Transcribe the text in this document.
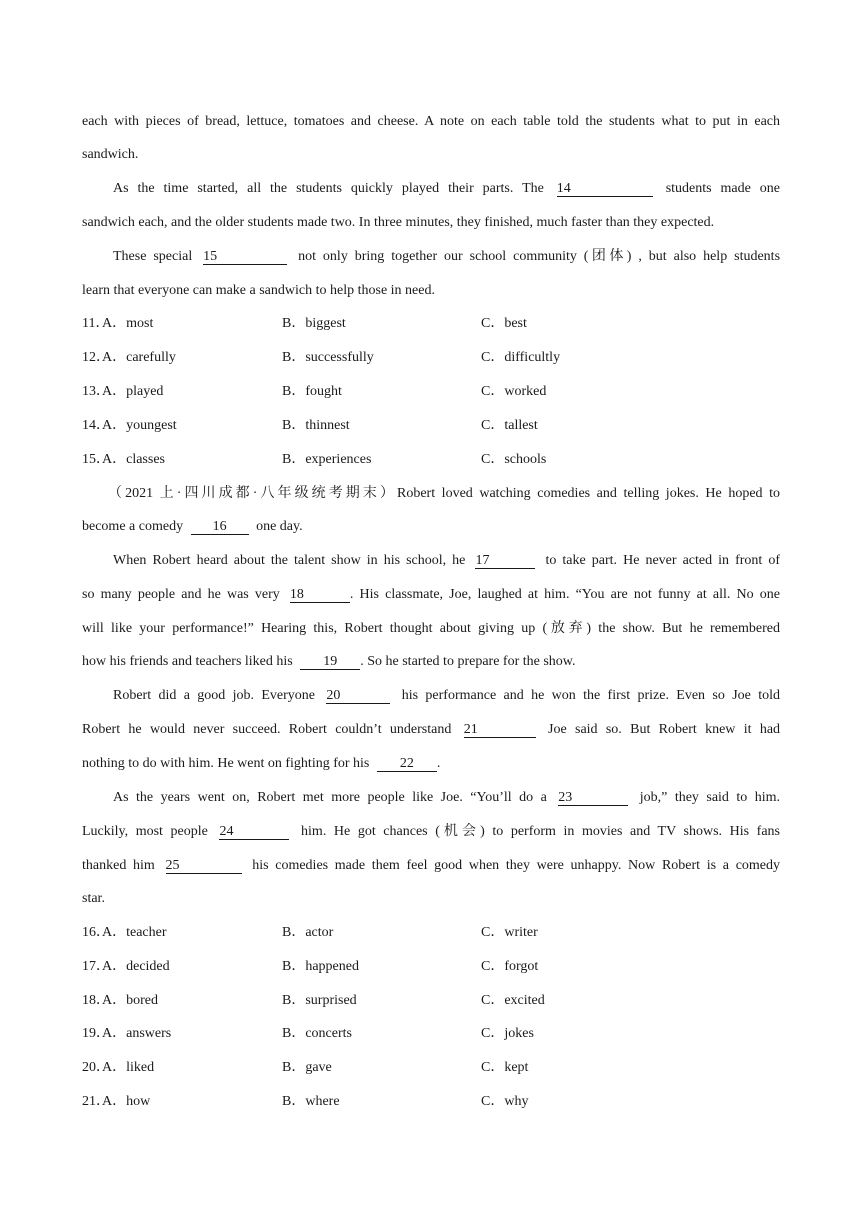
each with pieces of bread, lettuce, tomatoes and cheese. A note on each table told the students what to put in each
sandwich.
As the time started, all the students quickly played their parts. The 14	students made one
sandwich each, and the older students made two. In three minutes, they finished, much faster than they expected.
These special 15	not only bring together our school community (团体) , but also help students
learn that everyone can make a sandwich to help those in need.
11．
A．most	B．biggest	C．best
12．
A．carefully	B．successfully	C．difficultly
13．
A．played	B．fought	C．worked
14．
A．youngest	B．thinnest	C．tallest
15．
A．classes	B．experiences	C．schools
（2021 上·四川成都·八年级统考期末）Robert loved watching comedies and telling jokes. He hoped to
become a comedy 16 one day.
When Robert heard about the talent show in his school, he 17	to take part. He never acted in front of
so many people and he was very 18	. His classmate, Joe, laughed at him. “You are not funny at all. No one
will like your performance!” Hearing this, Robert thought about giving up (放弃) the show. But he remembered
how his friends and teachers liked his 19 . So he started to prepare for the show.
Robert did a good job. Everyone 20	his performance and he won the first prize. Even so Joe told
Robert he would never succeed. Robert couldn’t understand 21	Joe said so. But Robert knew it had
nothing to do with him. He went on fighting for his 22 .
As the years went on, Robert met more people like Joe. “You’ll do a 23	job,” they said to him.
Luckily, most people 24	him. He got chances (机会) to perform in movies and TV shows. His fans
thanked him 25	his comedies made them feel good when they were unhappy. Now Robert is a comedy
star.
16．
A．teacher	B．actor	C．writer
17．
A．decided	B．happened	C．forgot
18．
A．bored	B．surprised	C．excited
19．
A．answers	B．concerts	C．jokes
20．
A．liked	B．gave	C．kept
21．
A．how	B．where	C．why
